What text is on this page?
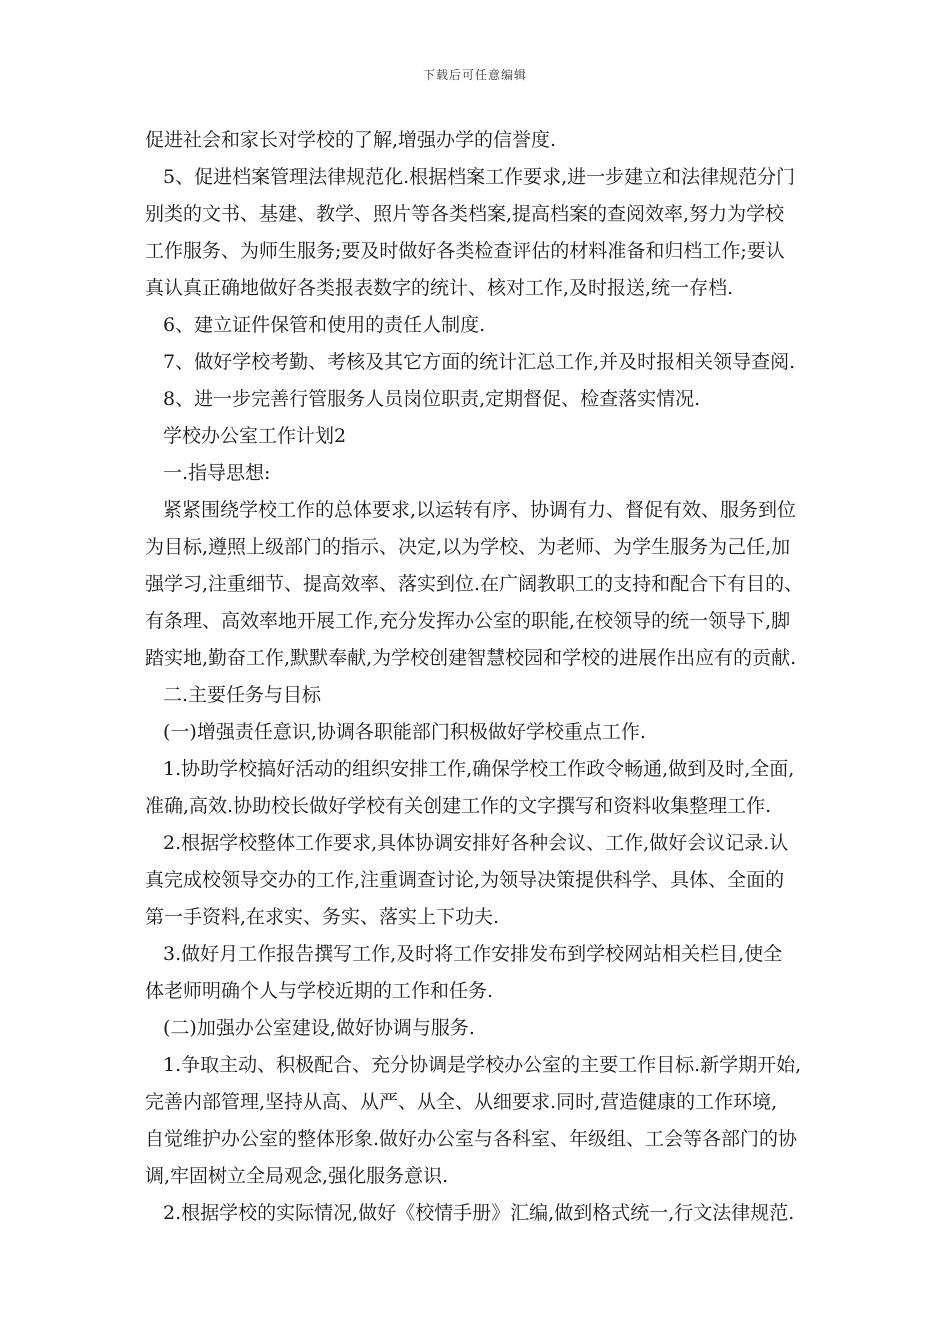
下载后可任意编辑
促进社会和家长对学校的了解,增强办学的信誉度.
5、促进档案管理法律规范化.根据档案工作要求,进一步建立和法律规范分门
别类的文书、基建、教学、照片等各类档案,提高档案的查阅效率,努力为学校
工作服务、为师生服务;要及时做好各类检查评估的材料准备和归档工作;要认
真认真正确地做好各类报表数字的统计、核对工作,及时报送,统一存档.
6、建立证件保管和使用的责任人制度.
7、做好学校考勤、考核及其它方面的统计汇总工作,并及时报相关领导查阅.
8、进一步完善行管服务人员岗位职责,定期督促、检查落实情况.
学校办公室工作计划2
一.指导思想:
紧紧围绕学校工作的总体要求,以运转有序、协调有力、督促有效、服务到位
为目标,遵照上级部门的指示、决定,以为学校、为老师、为学生服务为己任,加
强学习,注重细节、提高效率、落实到位.在广阔教职工的支持和配合下有目的、
有条理、高效率地开展工作,充分发挥办公室的职能,在校领导的统一领导下,脚
踏实地,勤奋工作,默默奉献,为学校创建智慧校园和学校的进展作出应有的贡献.
二.主要任务与目标
(一)增强责任意识,协调各职能部门积极做好学校重点工作.
1.协助学校搞好活动的组织安排工作,确保学校工作政令畅通,做到及时,全面,
准确,高效.协助校长做好学校有关创建工作的文字撰写和资料收集整理工作.
2.根据学校整体工作要求,具体协调安排好各种会议、工作,做好会议记录.认
真完成校领导交办的工作,注重调查讨论,为领导决策提供科学、具体、全面的
第一手资料,在求实、务实、落实上下功夫.
3.做好月工作报告撰写工作,及时将工作安排发布到学校网站相关栏目,使全
体老师明确个人与学校近期的工作和任务.
(二)加强办公室建设,做好协调与服务.
1.争取主动、积极配合、充分协调是学校办公室的主要工作目标.新学期开始,
完善内部管理,坚持从高、从严、从全、从细要求.同时,营造健康的工作环境,
自觉维护办公室的整体形象.做好办公室与各科室、年级组、工会等各部门的协
调,牢固树立全局观念,强化服务意识.
2.根据学校的实际情况,做好《校情手册》汇编,做到格式统一,行文法律规范.
